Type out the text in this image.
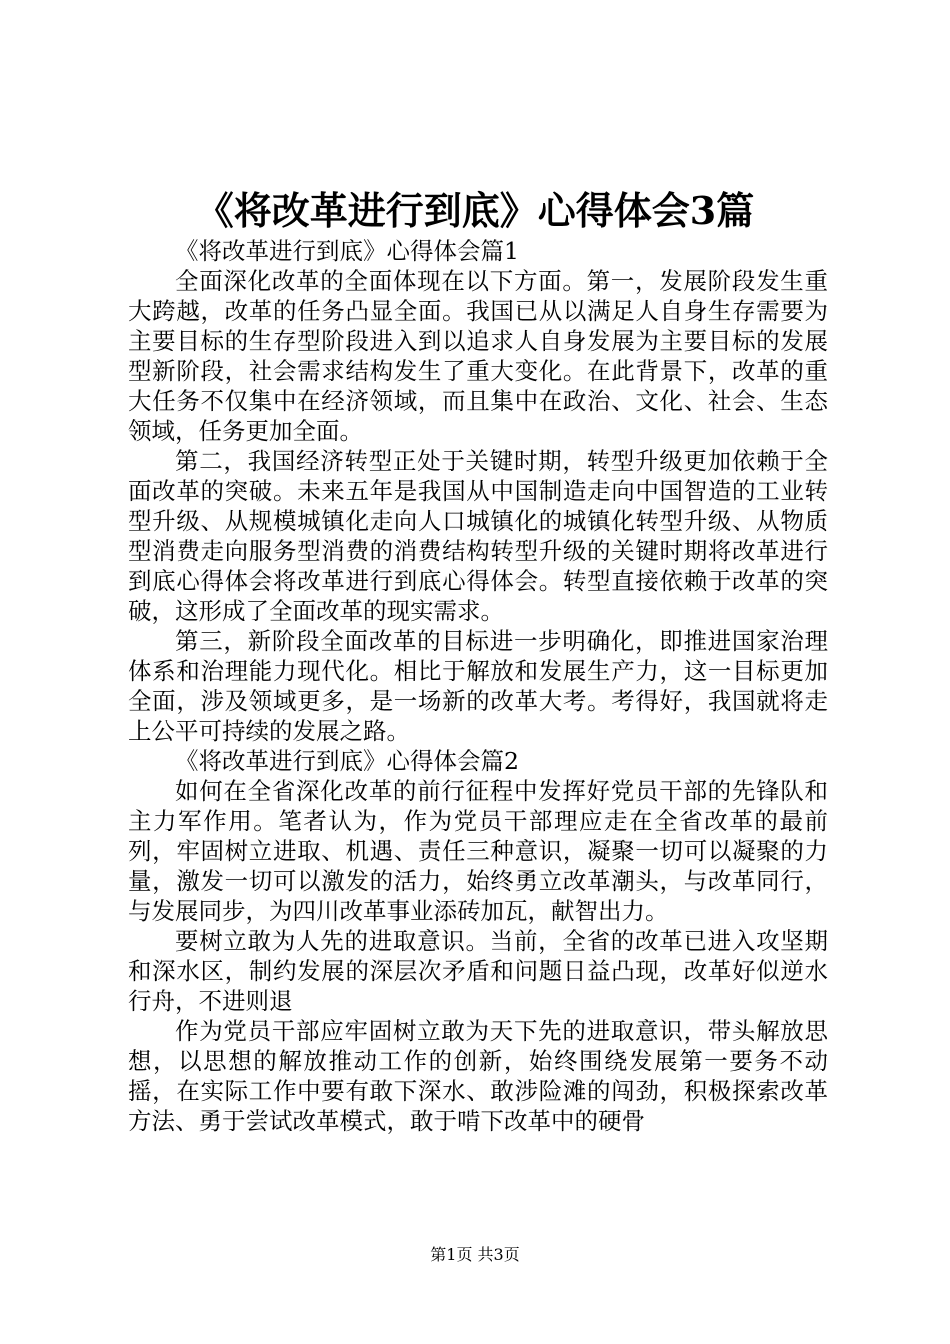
《将改革进行到底》心得体会3篇

《将改革进行到底》心得体会篇1

全面深化改革的全面体现在以下方面。第一，发展阶段发生重大跨越，改革的任务凸显全面。我国已从以满足人自身生存需要为主要目标的生存型阶段进入到以追求人自身发展为主要目标的发展型新阶段，社会需求结构发生了重大变化。在此背景下，改革的重大任务不仅集中在经济领域，而且集中在政治、文化、社会、生态领域，任务更加全面。

第二，我国经济转型正处于关键时期，转型升级更加依赖于全面改革的突破。未来五年是我国从中国制造走向中国智造的工业转型升级、从规模城镇化走向人口城镇化的城镇化转型升级、从物质型消费走向服务型消费的消费结构转型升级的关键时期将改革进行到底心得体会将改革进行到底心得体会。转型直接依赖于改革的突破，这形成了全面改革的现实需求。

第三，新阶段全面改革的目标进一步明确化，即推进国家治理体系和治理能力现代化。相比于解放和发展生产力，这一目标更加全面，涉及领域更多，是一场新的改革大考。考得好，我国就将走上公平可持续的发展之路。

《将改革进行到底》心得体会篇2

如何在全省深化改革的前行征程中发挥好党员干部的先锋队和主力军作用。笔者认为，作为党员干部理应走在全省改革的最前列，牢固树立进取、机遇、责任三种意识，凝聚一切可以凝聚的力量，激发一切可以激发的活力，始终勇立改革潮头，与改革同行，与发展同步，为四川改革事业添砖加瓦，献智出力。

要树立敢为人先的进取意识。当前，全省的改革已进入攻坚期和深水区，制约发展的深层次矛盾和问题日益凸现，改革好似逆水行舟，不进则退

作为党员干部应牢固树立敢为天下先的进取意识，带头解放思想，以思想的解放推动工作的创新，始终围绕发展第一要务不动摇，在实际工作中要有敢下深水、敢涉险滩的闯劲，积极探索改革方法、勇于尝试改革模式，敢于啃下改革中的硬骨

第1页 共3页
